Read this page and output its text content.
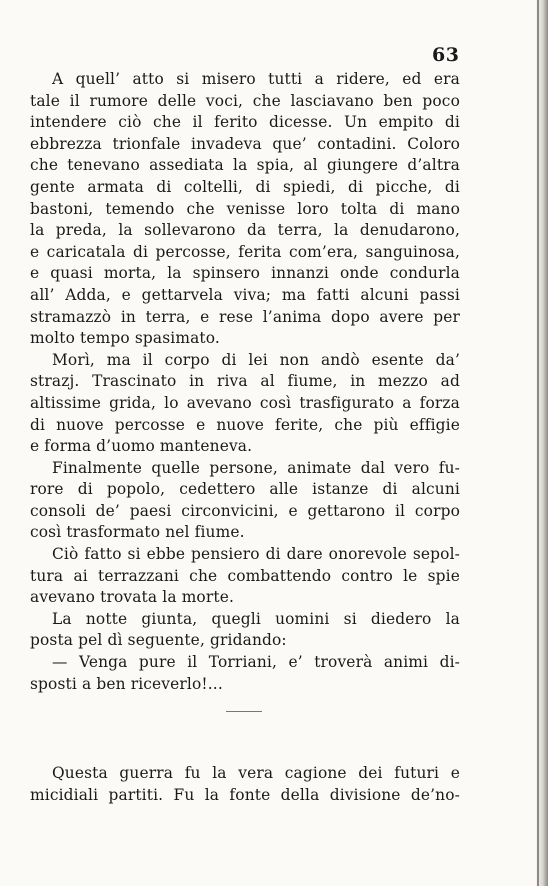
63
A quell’ atto si misero tutti a ridere, ed era
tale il rumore delle voci, che lasciavano ben poco
intendere ciò che il ferito dicesse. Un empito di
ebbrezza trionfale invadeva que’ contadini. Coloro
che tenevano assediata la spia, al giungere d’altra
gente armata di coltelli, di spiedi, di picche, di
bastoni, temendo che venisse loro tolta di mano
la preda, la sollevarono da terra, la denudarono,
e caricatala di percosse, ferita com’era, sanguinosa,
e quasi morta, la spinsero innanzi onde condurla
all’ Adda, e gettarvela viva; ma fatti alcuni passi
stramazzò in terra, e rese l’anima dopo avere per
molto tempo spasimato.
Morì, ma il corpo di lei non andò esente da’
strazj. Trascinato in riva al fiume, in mezzo ad
altissime grida, lo avevano così trasfigurato a forza
di nuove percosse e nuove ferite, che più effigie
e forma d’uomo manteneva.
Finalmente quelle persone, animate dal vero fu-
rore di popolo, cedettero alle istanze di alcuni
consoli de’ paesi circonvicini, e gettarono il corpo
così trasformato nel fiume.
Ciò fatto si ebbe pensiero di dare onorevole sepol-
tura ai terrazzani che combattendo contro le spie
avevano trovata la morte.
La notte giunta, quegli uomini si diedero la
posta pel dì seguente, gridando:
— Venga pure il Torriani, e’ troverà animi di-
sposti a ben riceverlo!...
Questa guerra fu la vera cagione dei futuri e
micidiali partiti. Fu la fonte della divisione de’no-
